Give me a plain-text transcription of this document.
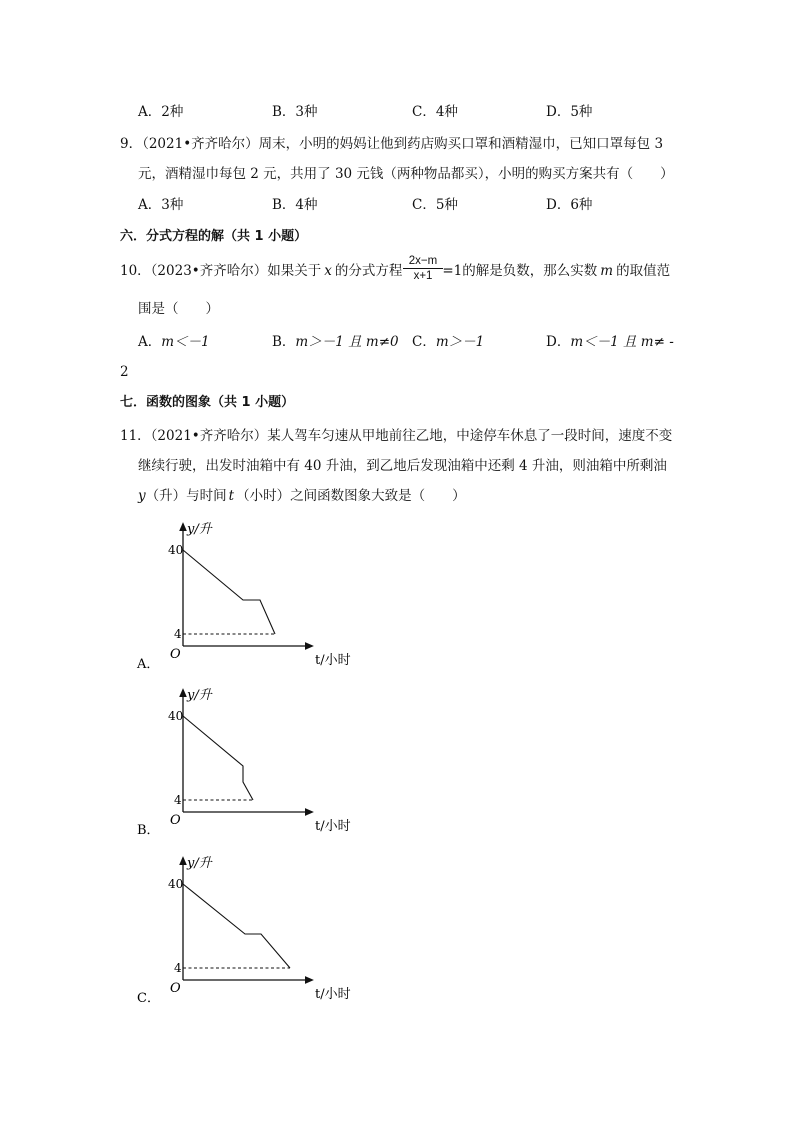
A．2种	B．3种	C．4种	D．5种
9．（2021•齐齐哈尔）周末，小明的妈妈让他到药店购买口罩和酒精湿巾，已知口罩每包 3
元，酒精湿巾每包 2 元，共用了 30 元钱（两种物品都买），小明的购买方案共有（　　）
A．3种	B．4种	C．5种	D．6种
六．分式方程的解（共 1 小题）
10．（2023•齐齐哈尔）如果关于 x 的分式方程	=1的解是负数，那么实数 m 的取值范
$\frac{2x-m}{x+1}$
围是（　　）
A．m＜－1	B．m＞－1 且 m≠0 C．m＞－1	D．m＜－1 且 m≠ -
2
七．函数的图象（共 1 小题）
11．（2021•齐齐哈尔）某人驾车匀速从甲地前往乙地，中途停车休息了一段时间，速度不变
继续行驶，出发时油箱中有 40 升油，到乙地后发现油箱中还剩 4 升油，则油箱中所剩油
y（升）与时间 t （小时）之间函数图象大致是（　　）
y/升
40
4
O	t/小时
A．
y/升
40
4
O	t/小时
B．
y/升
40
4
O	t/小时
C．
